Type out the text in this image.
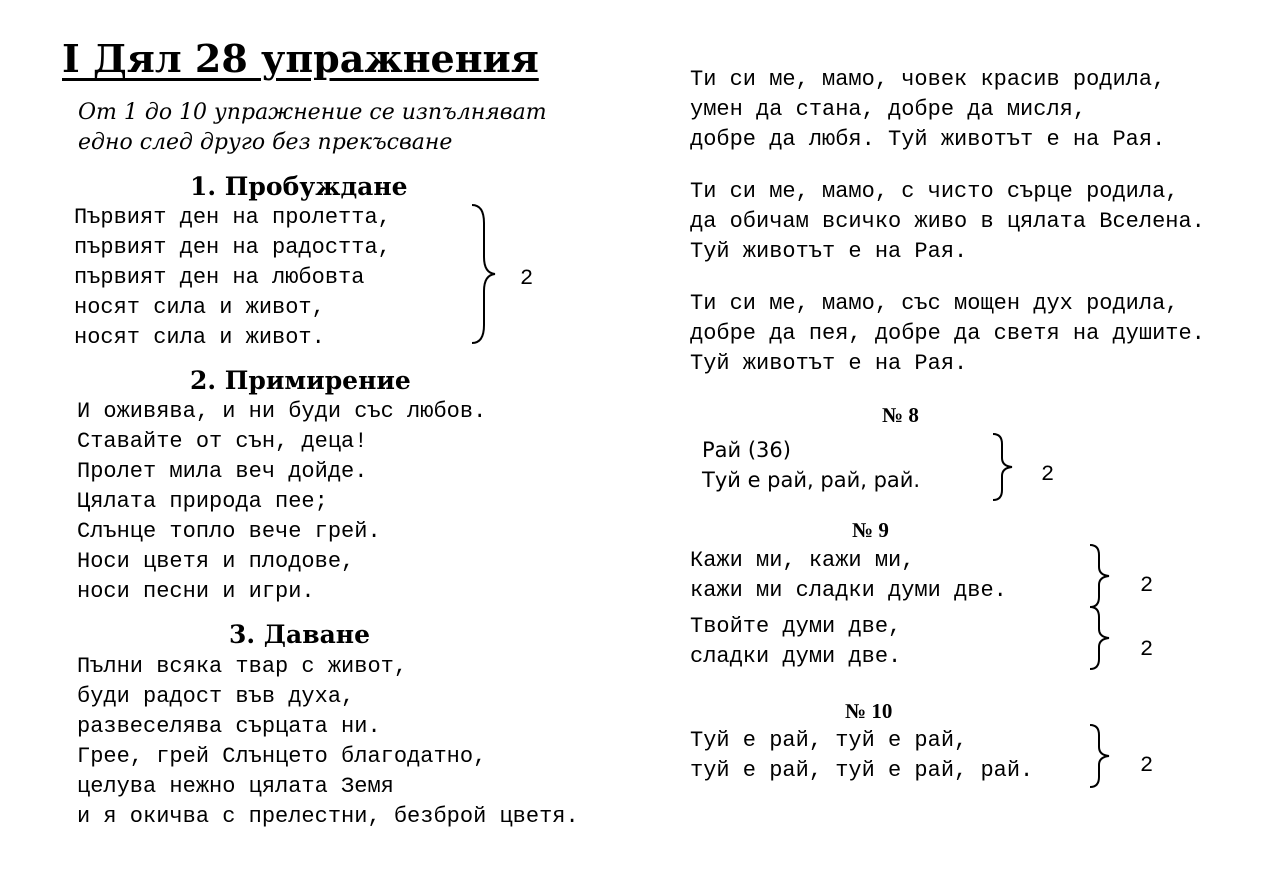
I Дял 28 упражнения
От 1 до 10 упражнение се изпълняват
едно след друго без прекъсване
1. Пробуждане
Първият ден на пролетта,
първият ден на радостта,
първият ден на любовта
носят сила и живот,
носят сила и живот.
2
2. Примирение
И оживява, и ни буди със любов.
Ставайте от сън, деца!
Пролет мила веч дойде.
Цялата природа пее;
Слънце топло вече грей.
Носи цветя и плодове,
носи песни и игри.
3. Даване
Пълни всяка твар с живот,
буди радост във духа,
развеселява сърцата ни.
Грее, грей Слънцето благодатно,
целува нежно цялата Земя
и я окичва с прелестни, безброй цветя.
Ти си ме, мамо, човек красив родила,
умен да стана, добре да мисля,
добре да любя. Туй животът е на Рая.
Ти си ме, мамо, с чисто сърце родила,
да обичам всичко живо в цялата Вселена.
Туй животът е на Рая.
Ти си ме, мамо, със мощен дух родила,
добре да пея, добре да светя на душите.
Туй животът е на Рая.
№ 8
Рай (36)
Туй е рай, рай, рай.	2
№ 9
Кажи ми, кажи ми,
кажи ми сладки думи две.
Твойте думи две,
сладки думи две.
2
2
№ 10
Туй е рай, туй е рай,
туй е рай, туй е рай, рай.	2
